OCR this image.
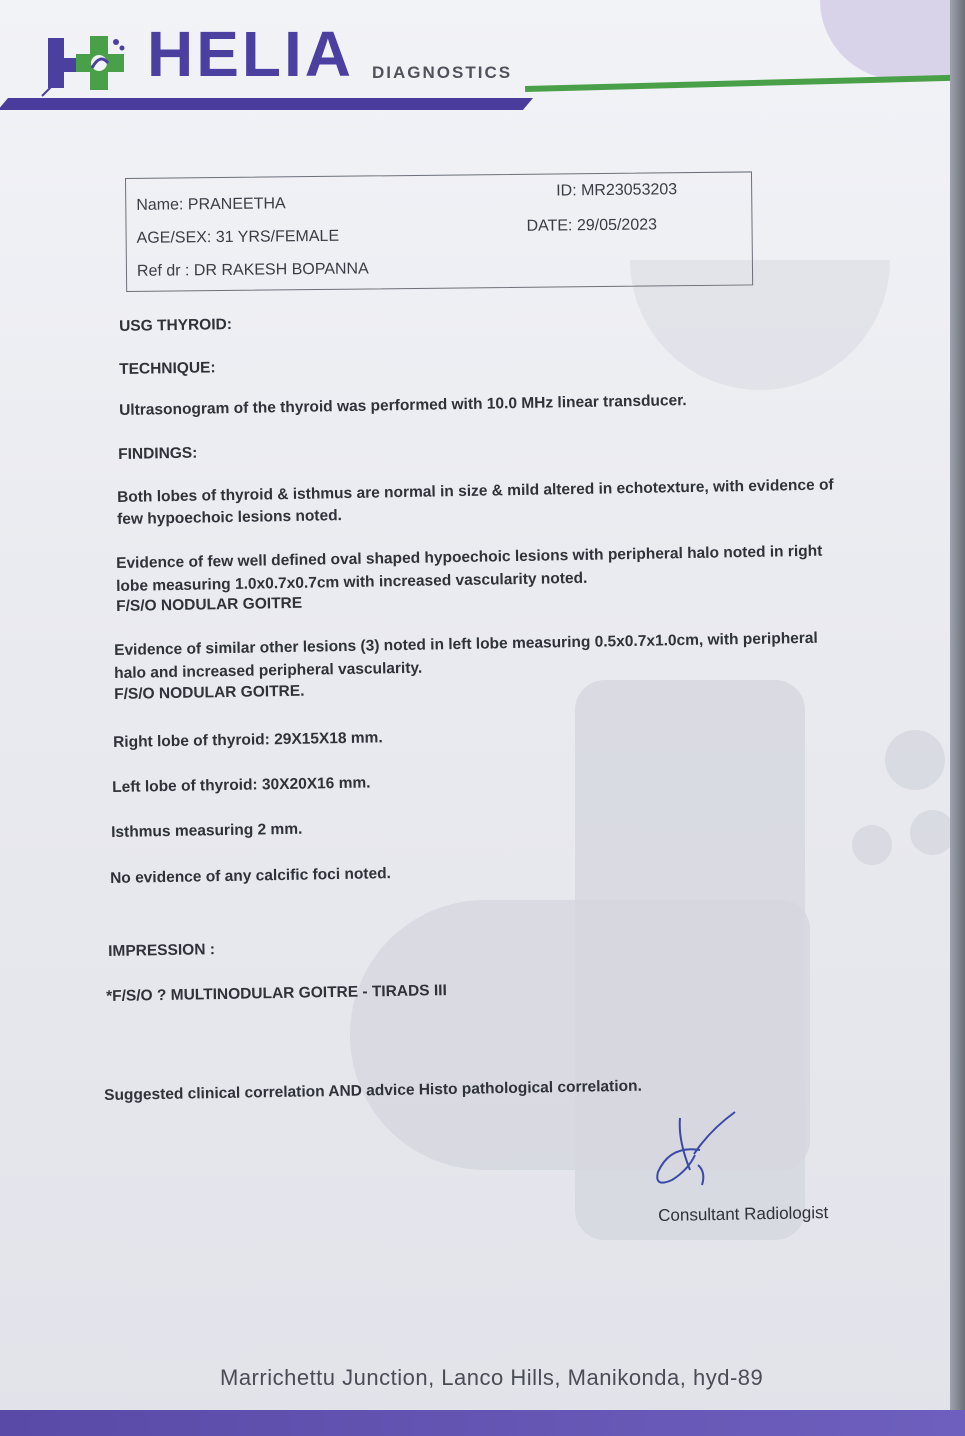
HELIA DIAGNOSTICS
Name: PRANEETHA
ID: MR23053203
AGE/SEX: 31 YRS/FEMALE
DATE: 29/05/2023
Ref dr : DR RAKESH BOPANNA
USG THYROID:
TECHNIQUE:
Ultrasonogram of the thyroid was performed with 10.0 MHz linear transducer.
FINDINGS:
Both lobes of thyroid & isthmus are normal in size & mild altered in echotexture, with evidence of
few hypoechoic lesions noted.
Evidence of few well defined oval shaped hypoechoic lesions with peripheral halo noted in right
lobe measuring 1.0x0.7x0.7cm with increased vascularity noted.
F/S/O NODULAR GOITRE
Evidence of similar other lesions (3) noted in left lobe measuring 0.5x0.7x1.0cm, with peripheral
halo and increased peripheral vascularity.
F/S/O NODULAR GOITRE.
Right lobe of thyroid: 29X15X18 mm.
Left lobe of thyroid: 30X20X16 mm.
Isthmus measuring 2 mm.
No evidence of any calcific foci noted.
IMPRESSION :
*F/S/O ? MULTINODULAR GOITRE - TIRADS III
Suggested clinical correlation AND advice Histo pathological correlation.
Consultant Radiologist
Marrichettu Junction, Lanco Hills, Manikonda, hyd-89
